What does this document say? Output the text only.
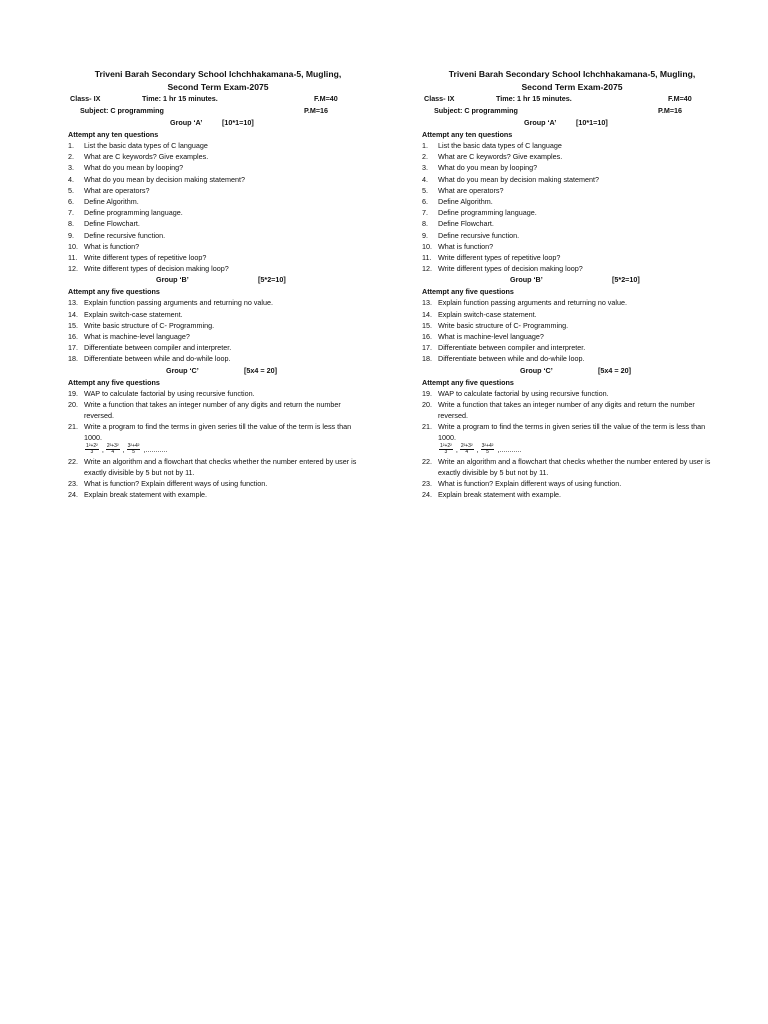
Triveni Barah Secondary School Ichchhakamana-5, Mugling,
Second Term Exam-2075
Class- IX	Time: 1 hr 15 minutes.	F.M=40
Subject: C programming	P.M=16
Group ‘A’	[10*1=10]
Attempt any ten questions
1.	List the basic data types of C language
2.	What are C keywords? Give examples.
3.	What do you mean by looping?
4.	What do you mean by decision making statement?
5.	What are operators?
6.	Define Algorithm.
7.	Define programming language.
8.	Define Flowchart.
9.	Define recursive function.
10. What is function?
11. Write different types of repetitive loop?
12. Write different types of decision making loop?
Group ‘B’	[5*2=10]
Attempt any five questions
13. Explain function passing arguments and returning no value.
14. Explain switch-case statement.
15. Write basic structure of C- Programming.
16. What is machine-level language?
17. Differentiate between compiler and interpreter.
18. Differentiate between while and do-while loop.
Group ‘C’	[5x4 = 20]
Attempt any five questions
19. WAP to calculate factorial by using recursive function.
20. Write a function that takes an integer number of any digits and return the number reversed.
21. Write a program to find the terms in given series till the value of the term is less than 1000.
$\frac{\text{1²+2²}}{3}$ , $\frac{\text{2²+3²}}{4}$ , $\frac{\text{3²+4²}}{5}$ ,...........
22. Write an algorithm and a flowchart that checks whether the number entered by user is exactly divisible by 5 but not by 11.
23. What is function? Explain different ways of using function.
24. Explain break statement with example.
Triveni Barah Secondary School Ichchhakamana-5, Mugling,
Second Term Exam-2075
Class- IX	Time: 1 hr 15 minutes.	F.M=40
Subject: C programming	P.M=16
Group ‘A’	[10*1=10]
Attempt any ten questions
1.	List the basic data types of C language
2.	What are C keywords? Give examples.
3.	What do you mean by looping?
4.	What do you mean by decision making statement?
5.	What are operators?
6.	Define Algorithm.
7.	Define programming language.
8.	Define Flowchart.
9.	Define recursive function.
10. What is function?
11. Write different types of repetitive loop?
12. Write different types of decision making loop?
Group ‘B’	[5*2=10]
Attempt any five questions
13. Explain function passing arguments and returning no value.
14. Explain switch-case statement.
15. Write basic structure of C- Programming.
16. What is machine-level language?
17. Differentiate between compiler and interpreter.
18. Differentiate between while and do-while loop.
Group ‘C’	[5x4 = 20]
Attempt any five questions
19. WAP to calculate factorial by using recursive function.
20. Write a function that takes an integer number of any digits and return the number reversed.
21. Write a program to find the terms in given series till the value of the term is less than 1000.
$\frac{\text{1²+2²}}{3}$ , $\frac{\text{2²+3²}}{4}$ , $\frac{\text{3²+4²}}{5}$ ,...........
22. Write an algorithm and a flowchart that checks whether the number entered by user is exactly divisible by 5 but not by 11.
23. What is function? Explain different ways of using function.
24. Explain break statement with example.
